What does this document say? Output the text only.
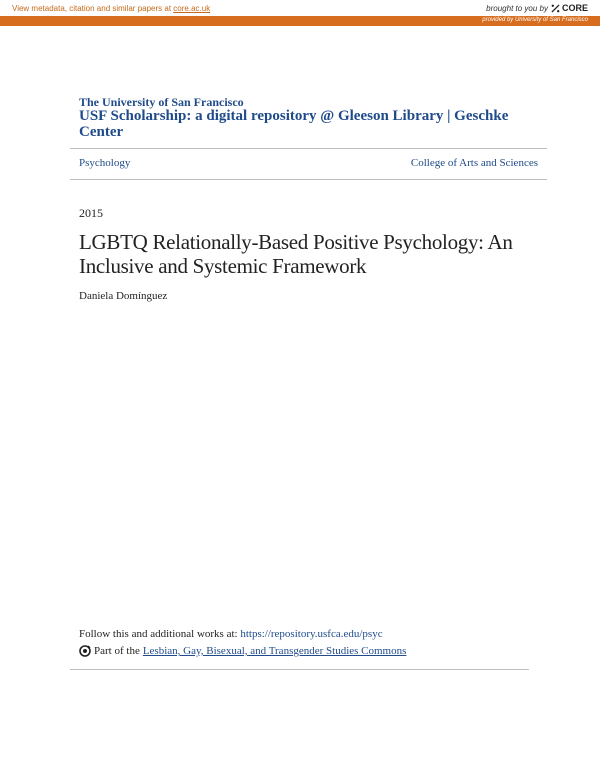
View metadata, citation and similar papers at core.ac.uk	brought to you by CORE
provided by University of San Francisco
The University of San Francisco
USF Scholarship: a digital repository @ Gleeson Library | Geschke Center
Psychology	College of Arts and Sciences
2015
LGBTQ Relationally-Based Positive Psychology: An Inclusive and Systemic Framework
Daniela Domínguez
Follow this and additional works at: https://repository.usfca.edu/psyc
Part of the Lesbian, Gay, Bisexual, and Transgender Studies Commons
